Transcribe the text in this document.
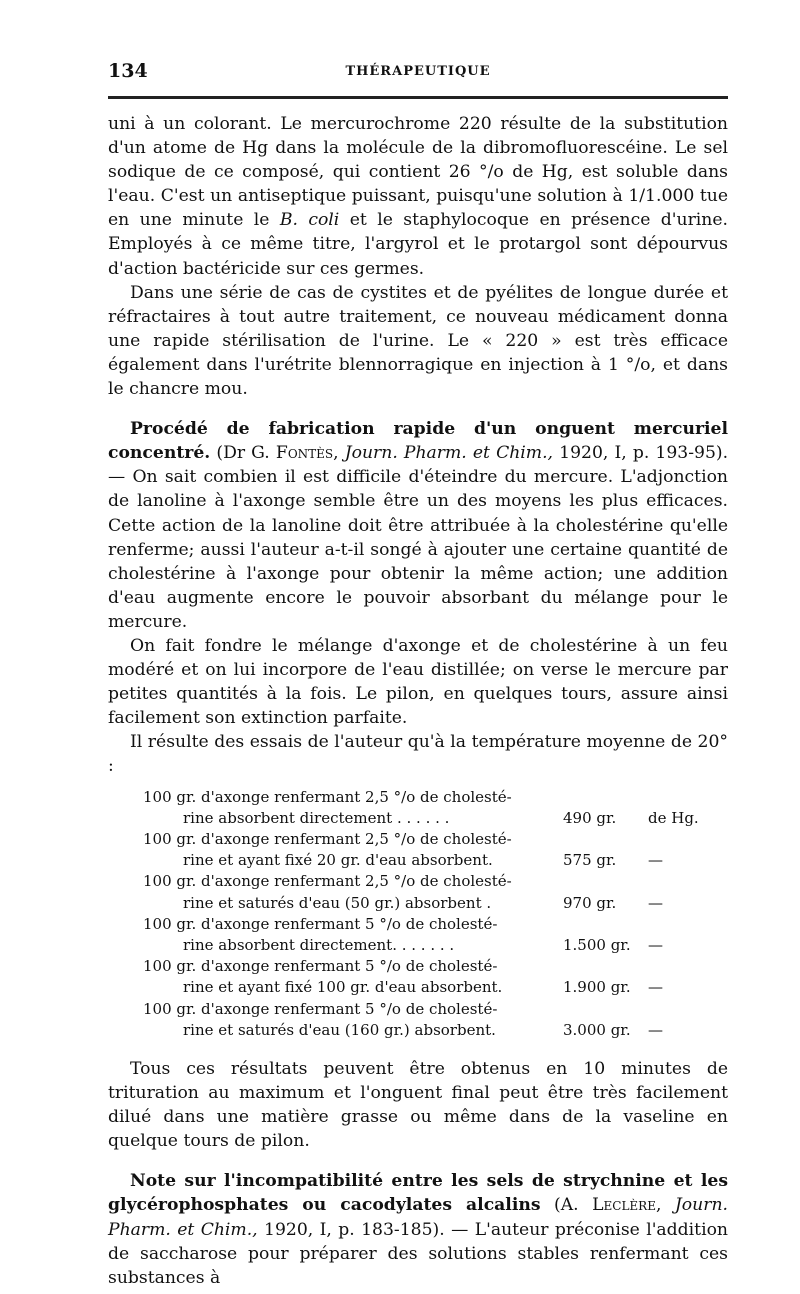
134	THÉRAPEUTIQUE

uni à un colorant. Le mercurochrome 220 résulte de la substitution d'un atome de Hg dans la molécule de la dibromofluorescéine. Le sel sodique de ce composé, qui contient 26 °/o de Hg, est soluble dans l'eau. C'est un antiseptique puissant, puisqu'une solution à 1/1.000 tue en une minute le B. coli et le staphylocoque en présence d'urine. Employés à ce même titre, l'argyrol et le protargol sont dépourvus d'action bactéricide sur ces germes.

Dans une série de cas de cystites et de pyélites de longue durée et réfractaires à tout autre traitement, ce nouveau médicament donna une rapide stérilisation de l'urine. Le « 220 » est très efficace également dans l'urétrite blennorragique en injection à 1 °/o, et dans le chancre mou.

Procédé de fabrication rapide d'un onguent mercuriel concentré. (Dr G. Fontès, Journ. Pharm. et Chim., 1920, I, p. 193-95). — On sait combien il est difficile d'éteindre du mercure. L'adjonction de lanoline à l'axonge semble être un des moyens les plus efficaces. Cette action de la lanoline doit être attribuée à la cholestérine qu'elle renferme; aussi l'auteur a-t-il songé à ajouter une certaine quantité de cholestérine à l'axonge pour obtenir la même action; une addition d'eau augmente encore le pouvoir absorbant du mélange pour le mercure.

On fait fondre le mélange d'axonge et de cholestérine à un feu modéré et on lui incorpore de l'eau distillée; on verse le mercure par petites quantités à la fois. Le pilon, en quelques tours, assure ainsi facilement son extinction parfaite.

Il résulte des essais de l'auteur qu'à la température moyenne de 20° :

100 gr. d'axonge renfermant 2,5 °/o de cholesté-
rine absorbent directement . . . . . .	490 gr. de Hg.
100 gr. d'axonge renfermant 2,5 °/o de cholesté-
rine et ayant fixé 20 gr. d'eau absorbent.	575 gr. —
100 gr. d'axonge renfermant 2,5 °/o de cholesté-
rine et saturés d'eau (50 gr.) absorbent .	970 gr. —
100 gr. d'axonge renfermant 5 °/o de cholesté-
rine absorbent directement. . . . . . .	1.500 gr. —
100 gr. d'axonge renfermant 5 °/o de cholesté-
rine et ayant fixé 100 gr. d'eau absorbent.	1.900 gr. —
100 gr. d'axonge renfermant 5 °/o de cholesté-
rine et saturés d'eau (160 gr.) absorbent.	3.000 gr. —

Tous ces résultats peuvent être obtenus en 10 minutes de trituration au maximum et l'onguent final peut être très facilement dilué dans une matière grasse ou même dans de la vaseline en quelque tours de pilon.

Note sur l'incompatibilité entre les sels de strychnine et les glycérophosphates ou cacodylates alcalins (A. Leclère, Journ. Pharm. et Chim., 1920, I, p. 183-185). — L'auteur préconise l'addition de saccharose pour préparer des solutions stables renfermant ces substances à
